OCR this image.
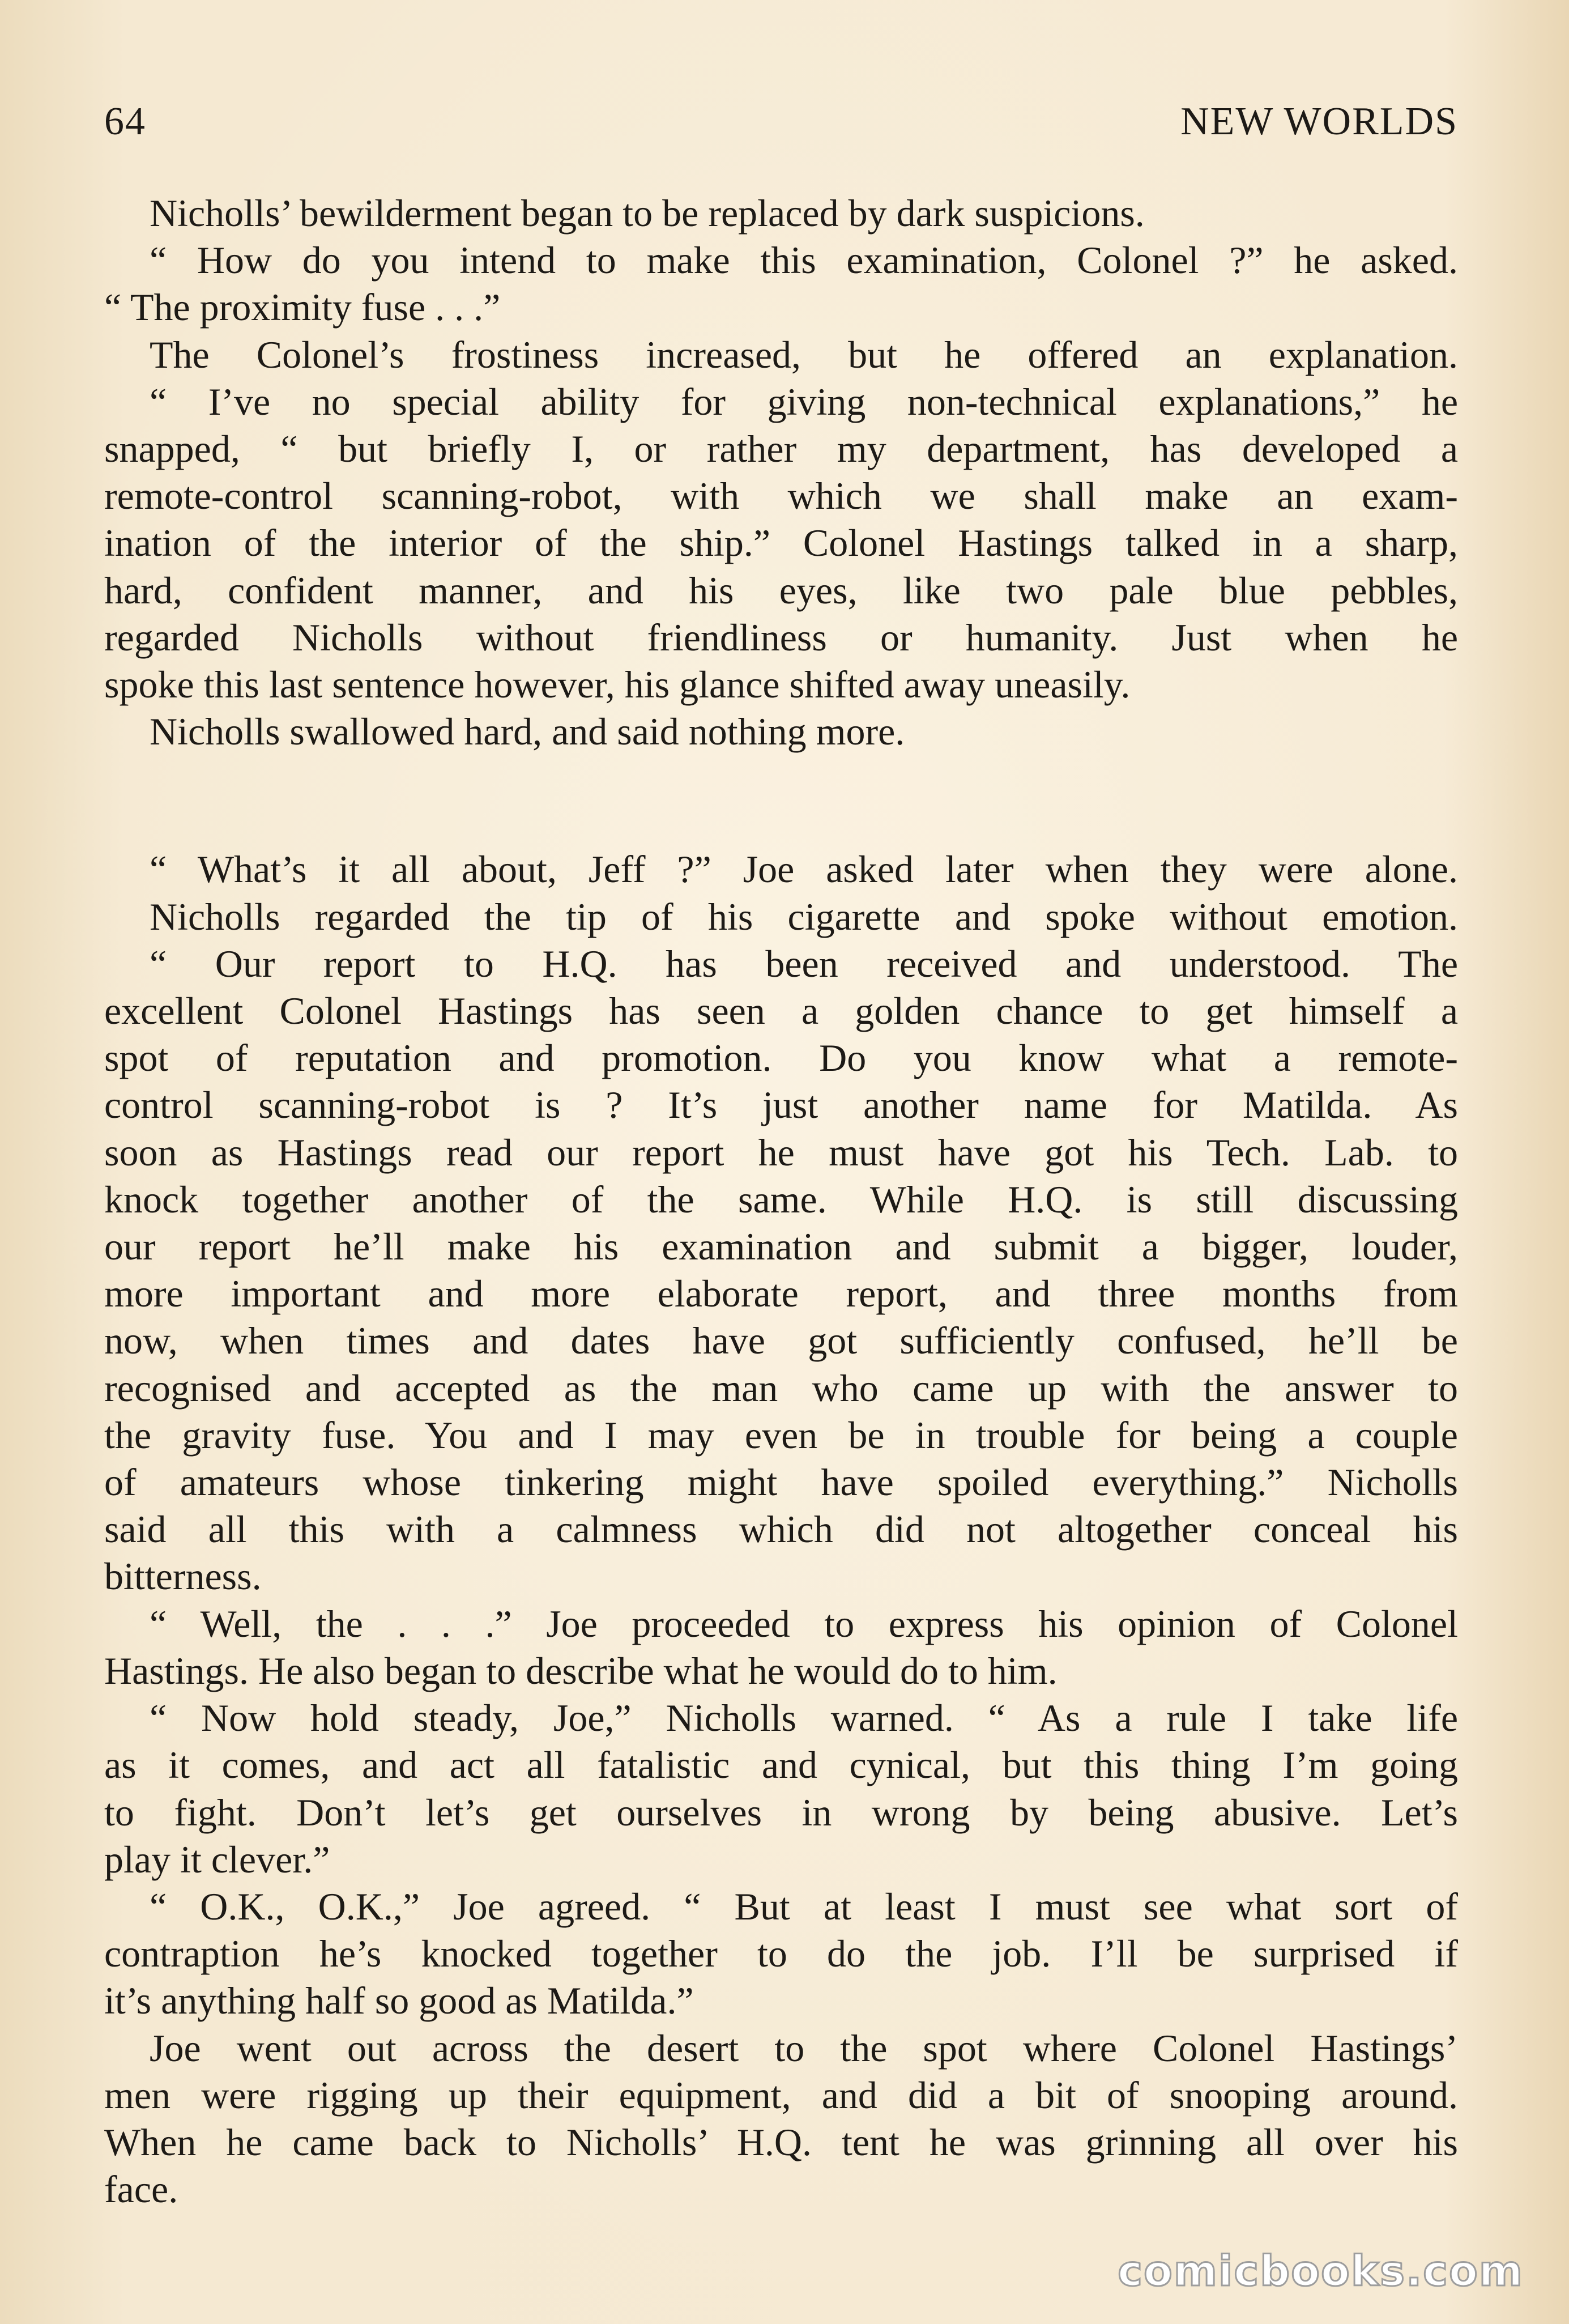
64	NEW WORLDS

Nicholls’ bewilderment began to be replaced by dark suspicions.

“ How do you intend to make this examination, Colonel ?” he asked.

“ The proximity fuse . . .”

The Colonel’s frostiness increased, but he offered an explanation.

“ I’ve no special ability for giving non-technical explanations,” he

snapped, “ but briefly I, or rather my department, has developed a

remote-control scanning-robot, with which we shall make an exam-

ination of the interior of the ship.” Colonel Hastings talked in a sharp,

hard, confident manner, and his eyes, like two pale blue pebbles,

regarded Nicholls without friendliness or humanity. Just when he

spoke this last sentence however, his glance shifted away uneasily.

Nicholls swallowed hard, and said nothing more.

“ What’s it all about, Jeff ?” Joe asked later when they were alone.

Nicholls regarded the tip of his cigarette and spoke without emotion.

“ Our report to H.Q. has been received and understood. The

excellent Colonel Hastings has seen a golden chance to get himself a

spot of reputation and promotion. Do you know what a remote-

control scanning-robot is ? It’s just another name for Matilda. As

soon as Hastings read our report he must have got his Tech. Lab. to

knock together another of the same. While H.Q. is still discussing

our report he’ll make his examination and submit a bigger, louder,

more important and more elaborate report, and three months from

now, when times and dates have got sufficiently confused, he’ll be

recognised and accepted as the man who came up with the answer to

the gravity fuse. You and I may even be in trouble for being a couple

of amateurs whose tinkering might have spoiled everything.” Nicholls

said all this with a calmness which did not altogether conceal his

bitterness.

“ Well, the . . .” Joe proceeded to express his opinion of Colonel

Hastings. He also began to describe what he would do to him.

“ Now hold steady, Joe,” Nicholls warned. “ As a rule I take life

as it comes, and act all fatalistic and cynical, but this thing I’m going

to fight. Don’t let’s get ourselves in wrong by being abusive. Let’s

play it clever.”

“ O.K., O.K.,” Joe agreed. “ But at least I must see what sort of

contraption he’s knocked together to do the job. I’ll be surprised if

it’s anything half so good as Matilda.”

Joe went out across the desert to the spot where Colonel Hastings’

men were rigging up their equipment, and did a bit of snooping around.

When he came back to Nicholls’ H.Q. tent he was grinning all over his

face.

comicbooks.com
